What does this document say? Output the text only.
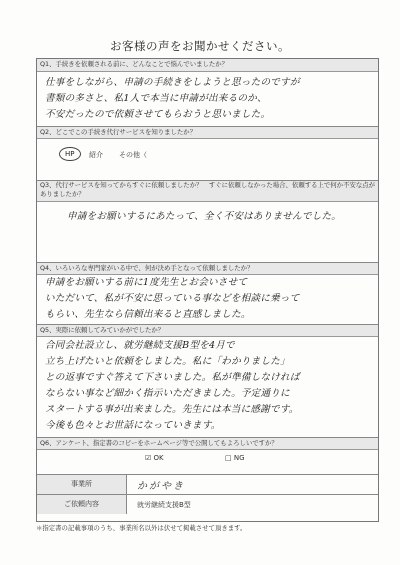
お客様の声をお聞かせください。
Q1、手続きを依頼される前に、どんなことで悩んでいましたか？
仕事をしながら、申請の手続きをしようと思ったのですが
書類の多さと、私1人で本当に申請が出来るのか、
不安だったので依頼させてもらおうと思いました。
Q2、どこでこの手続き代行サービスを知りましたか？
HP	紹介 その他（
Q3、代行サービスを知ってからすぐに依頼しましたか？　すぐに依頼しなかった場合、依頼する上で何か不安な点がありましたか？
申請をお願いするにあたって、全く不安はありませんでした。
Q4、いろいろな専門家がいる中で、何が決め手となって依頼しましたか？
申請をお願いする前に1度先生とお会いさせて
いただいて、私が不安に思っている事などを相談に乗って
もらい、先生なら信頼出来ると直感しました。
Q5、実際に依頼してみていかがでしたか？
合同会社設立し、就労継続支援B型を4月で
立ち上げたいと依頼をしました。私に「わかりました」
との返事ですぐ答えて下さいました。私が準備しなければ
ならない事など細かく指示いただきました。予定通りに
スタートする事が出来ました。先生には本当に感謝です。
今後も色々とお世話になっていきます。
Q6、アンケート、指定書のコピーをホームページ等で公開してもよろしいですか？
☑ OK	□ NG
事業所	かがやき
ご依頼内容	就労継続支援B型
＊指定書の記載事項のうち、事業所名以外は伏せて掲載させて頂きます。
